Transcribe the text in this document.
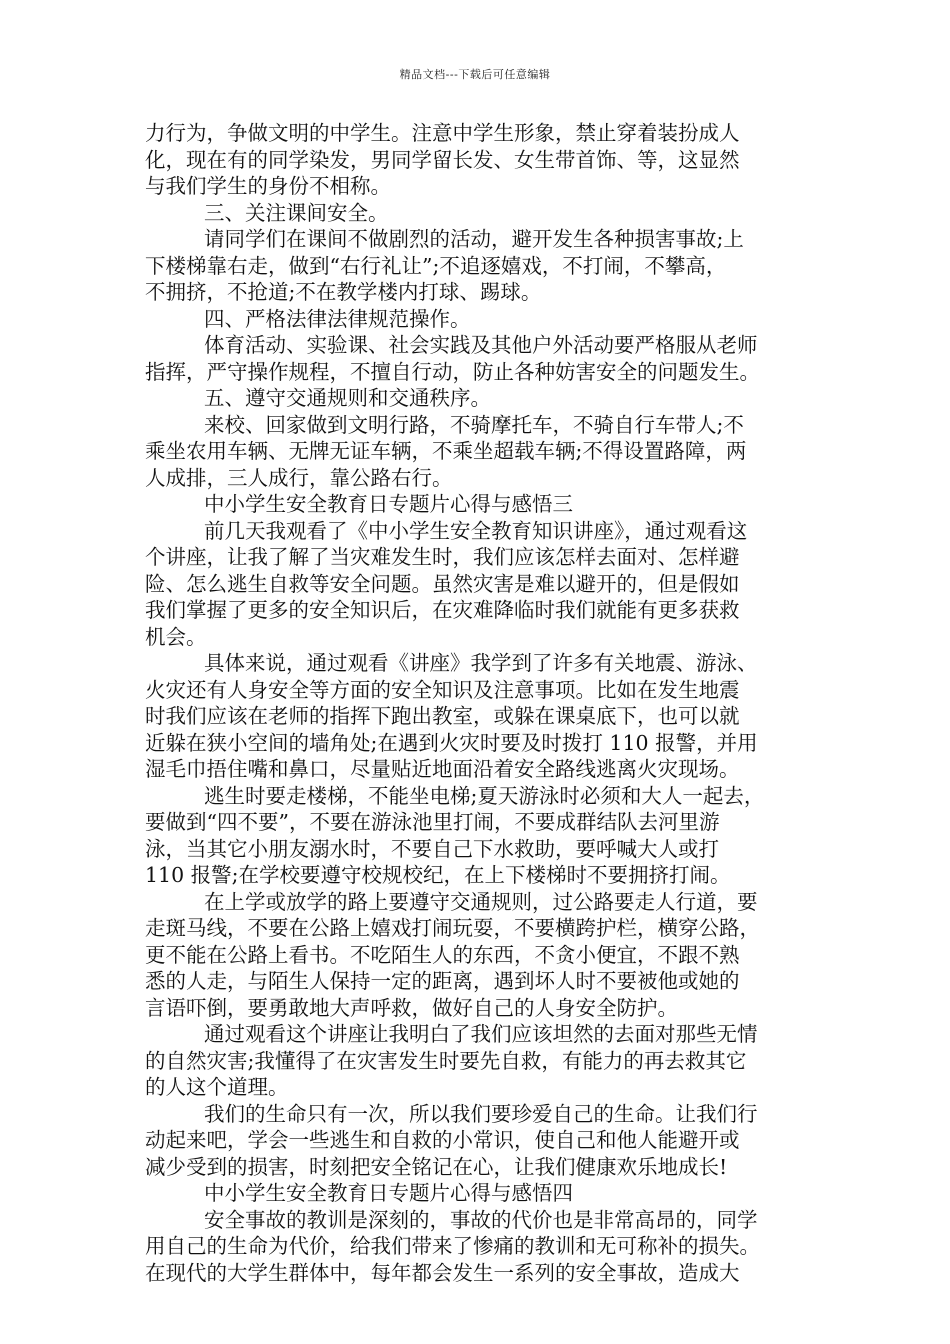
精品文档---下载后可任意编辑
力行为，争做文明的中学生。注意中学生形象，禁止穿着装扮成人
化，现在有的同学染发，男同学留长发、女生带首饰、等，这显然
与我们学生的身份不相称。
三、关注课间安全。
请同学们在课间不做剧烈的活动，避开发生各种损害事故;上
下楼梯靠右走，做到“右行礼让”;不追逐嬉戏，不打闹，不攀高，
不拥挤，不抢道;不在教学楼内打球、踢球。
四、严格法律法律规范操作。
体育活动、实验课、社会实践及其他户外活动要严格服从老师
指挥，严守操作规程，不擅自行动，防止各种妨害安全的问题发生。
五、遵守交通规则和交通秩序。
来校、回家做到文明行路，不骑摩托车，不骑自行车带人;不
乘坐农用车辆、无牌无证车辆，不乘坐超载车辆;不得设置路障，两
人成排，三人成行，靠公路右行。
中小学生安全教育日专题片心得与感悟三
前几天我观看了《中小学生安全教育知识讲座》，通过观看这
个讲座，让我了解了当灾难发生时，我们应该怎样去面对、怎样避
险、怎么逃生自救等安全问题。虽然灾害是难以避开的，但是假如
我们掌握了更多的安全知识后，在灾难降临时我们就能有更多获救
机会。
具体来说，通过观看《讲座》我学到了许多有关地震、游泳、
火灾还有人身安全等方面的安全知识及注意事项。比如在发生地震
时我们应该在老师的指挥下跑出教室，或躲在课桌底下，也可以就
近躲在狭小空间的墙角处;在遇到火灾时要及时拨打 110 报警，并用
湿毛巾捂住嘴和鼻口，尽量贴近地面沿着安全路线逃离火灾现场。
逃生时要走楼梯，不能坐电梯;夏天游泳时必须和大人一起去，
要做到“四不要”，不要在游泳池里打闹，不要成群结队去河里游
泳，当其它小朋友溺水时，不要自己下水救助，要呼喊大人或打
110 报警;在学校要遵守校规校纪，在上下楼梯时不要拥挤打闹。
在上学或放学的路上要遵守交通规则，过公路要走人行道，要
走斑马线，不要在公路上嬉戏打闹玩耍，不要横跨护栏，横穿公路，
更不能在公路上看书。不吃陌生人的东西，不贪小便宜，不跟不熟
悉的人走，与陌生人保持一定的距离，遇到坏人时不要被他或她的
言语吓倒，要勇敢地大声呼救，做好自己的人身安全防护。
通过观看这个讲座让我明白了我们应该坦然的去面对那些无情
的自然灾害;我懂得了在灾害发生时要先自救，有能力的再去救其它
的人这个道理。
我们的生命只有一次，所以我们要珍爱自己的生命。让我们行
动起来吧，学会一些逃生和自救的小常识，使自己和他人能避开或
减少受到的损害，时刻把安全铭记在心，让我们健康欢乐地成长!
中小学生安全教育日专题片心得与感悟四
安全事故的教训是深刻的，事故的代价也是非常高昂的，同学
用自己的生命为代价，给我们带来了惨痛的教训和无可称补的损失。
在现代的大学生群体中，每年都会发生一系列的安全事故，造成大
